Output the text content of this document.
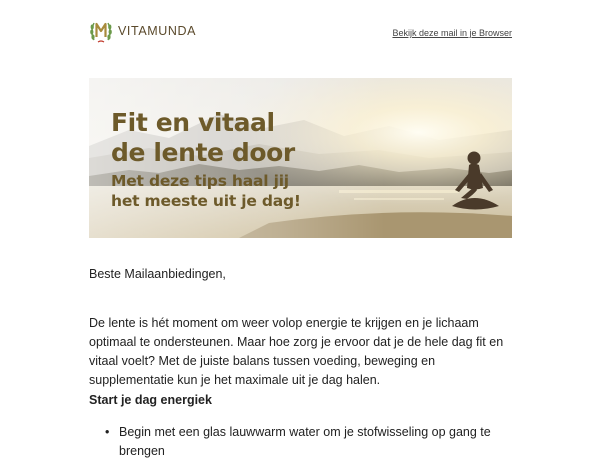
VITAMUNDA	Bekijk deze mail in je Browser
Fit en vitaal
de lente door
Met deze tips haal jij
het meeste uit je dag!
Beste Mailaanbiedingen,

De lente is hét moment om weer volop energie te krijgen en je lichaam optimaal te ondersteunen. Maar hoe zorg je ervoor dat je de hele dag fit en vitaal voelt? Met de juiste balans tussen voeding, beweging en supplementatie kun je het maximale uit je dag halen.

Start je dag energiek
• Begin met een glas lauwwarm water om je stofwisseling op gang te brengen
